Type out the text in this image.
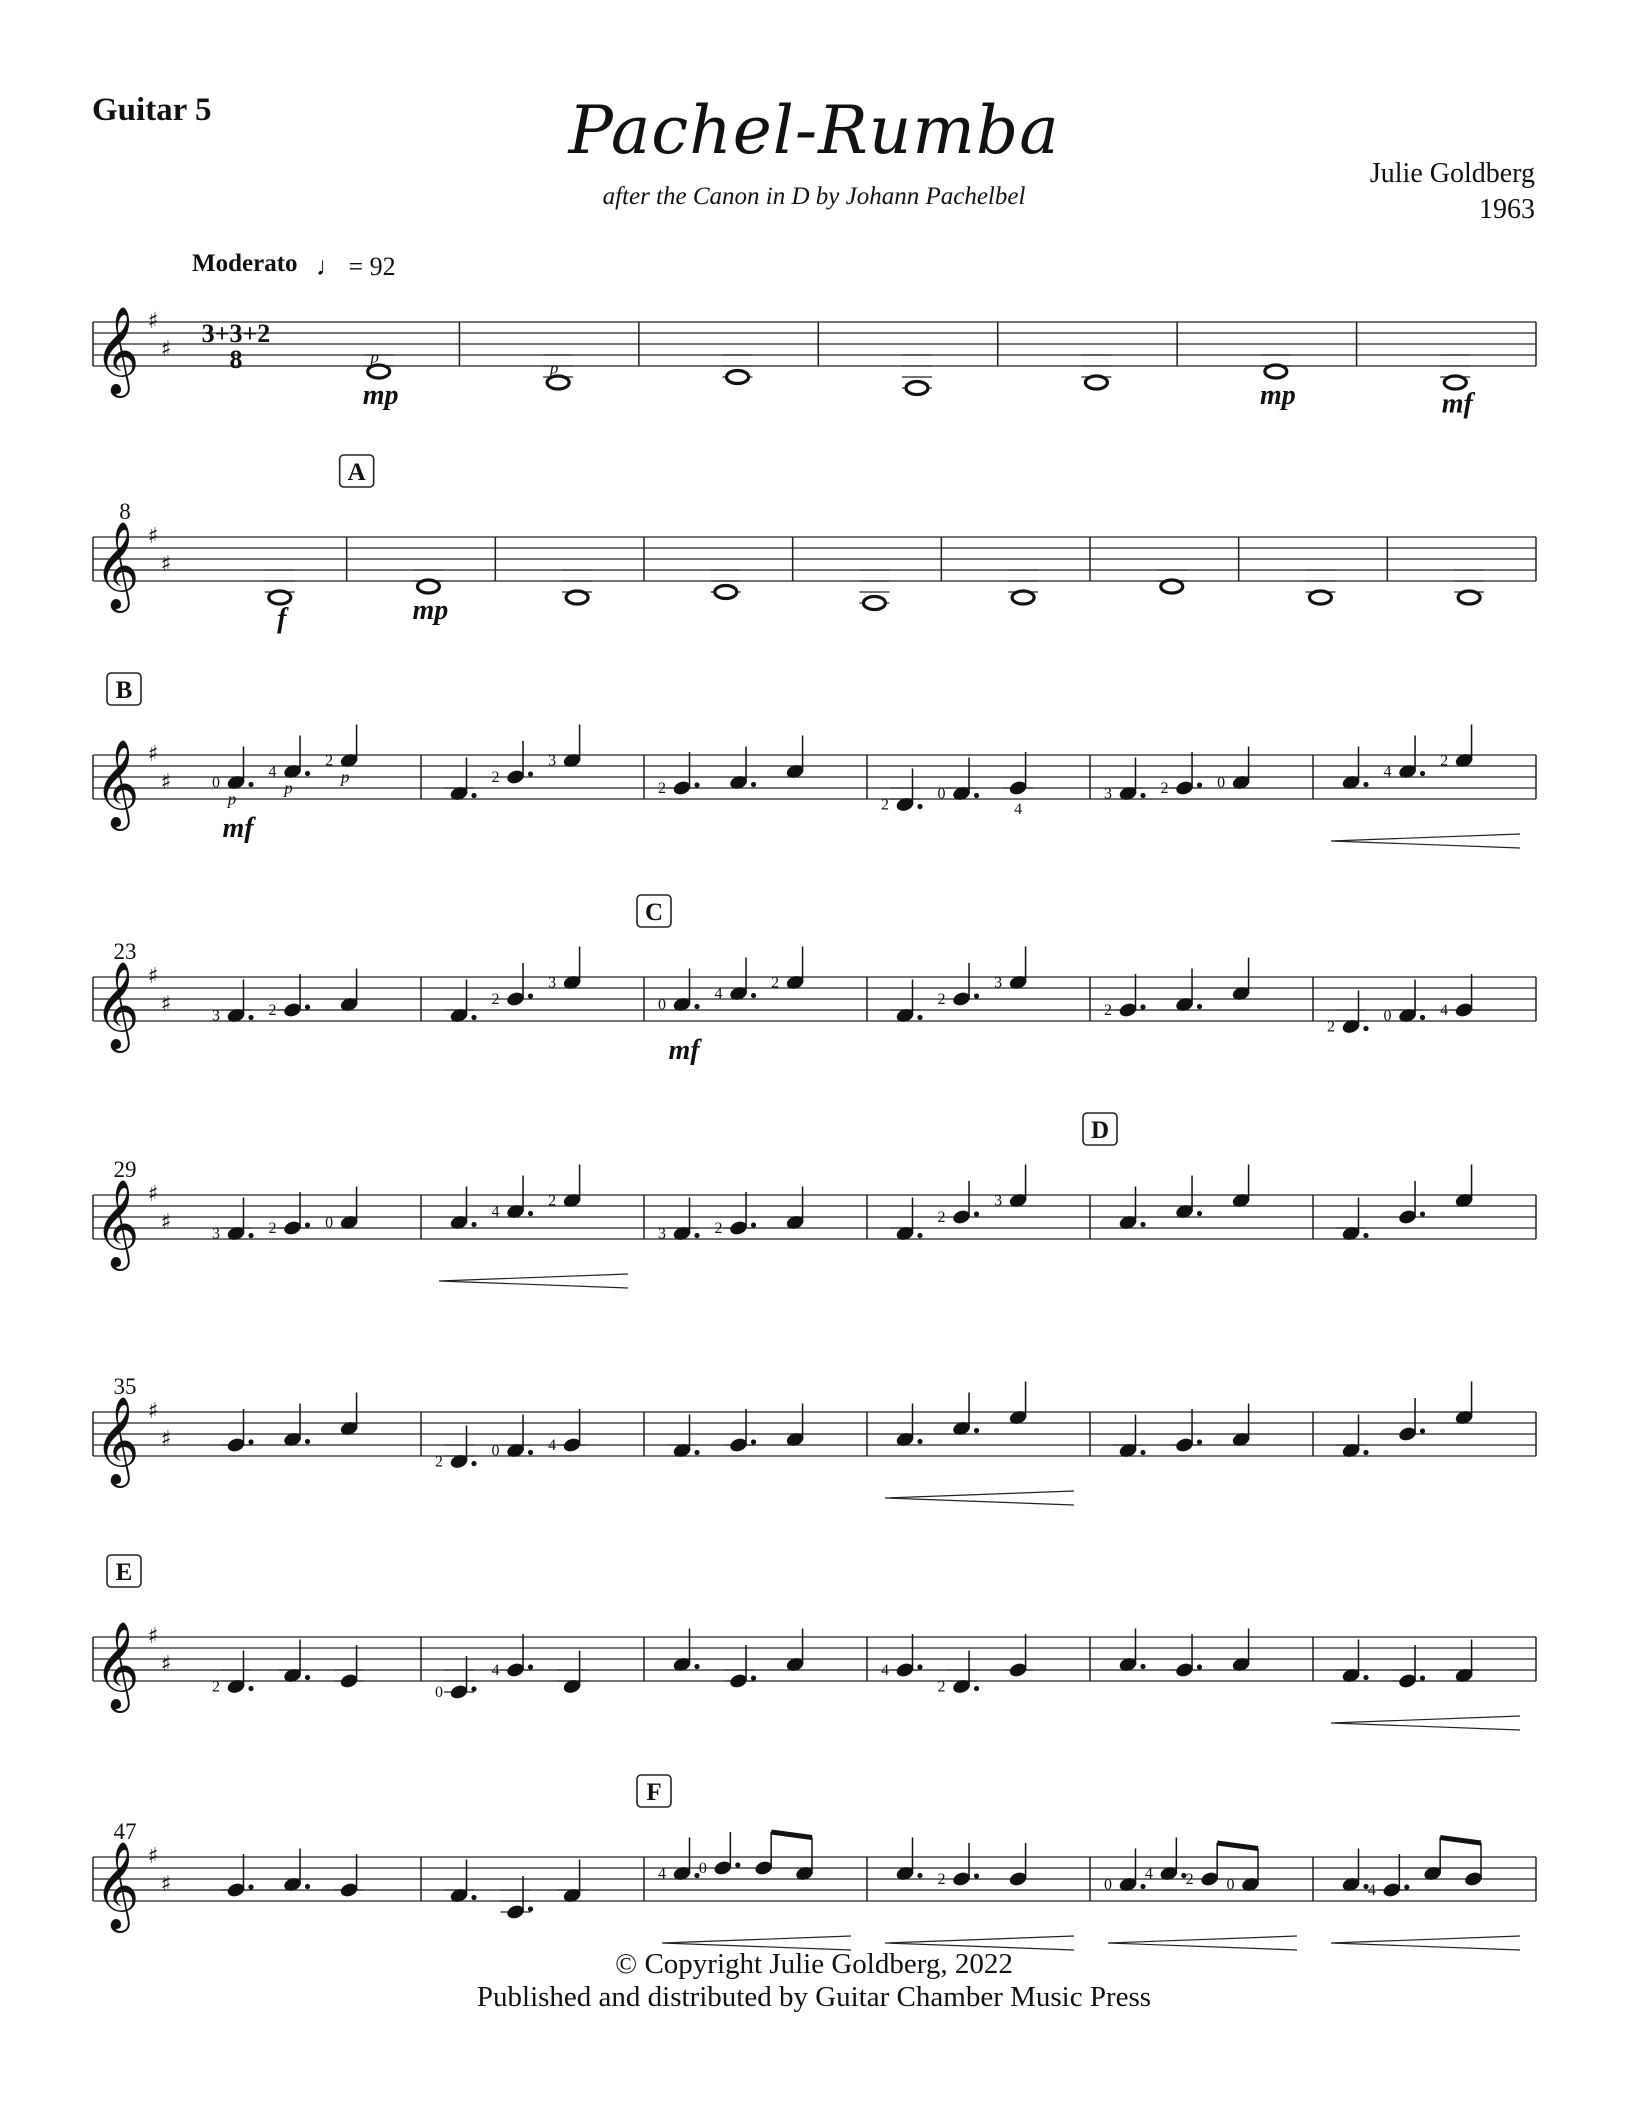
Guitar 5	Pachel-Rumba
after the Canon in D by Johann Pachelbel
Julie Goldberg
1963
Moderato ♩ = 92
𝄞 ♯
♯
3+3+2
8	p
mp
p
mp	mf
𝄞 ♯
♯
8
f
A
mp
𝄞 ♯
♯
B
0
p
mf
4
p
2
p	2
3
2
2
0
4
3	2	0
4
2
𝄞 ♯
♯
23
3	2
2
3
C
0
mf
4
2
2
3
2
2
0	4
𝄞 ♯
♯
29
3	2	0
4
2
3	2
2
3
D
𝄞 ♯
♯
35
2
0	4
𝄞 ♯
♯
E
2	0
4	4
2
𝄞 ♯
♯
47
F
4 0
2	0
4 2 0	4
© Copyright Julie Goldberg, 2022
Published and distributed by Guitar Chamber Music Press
